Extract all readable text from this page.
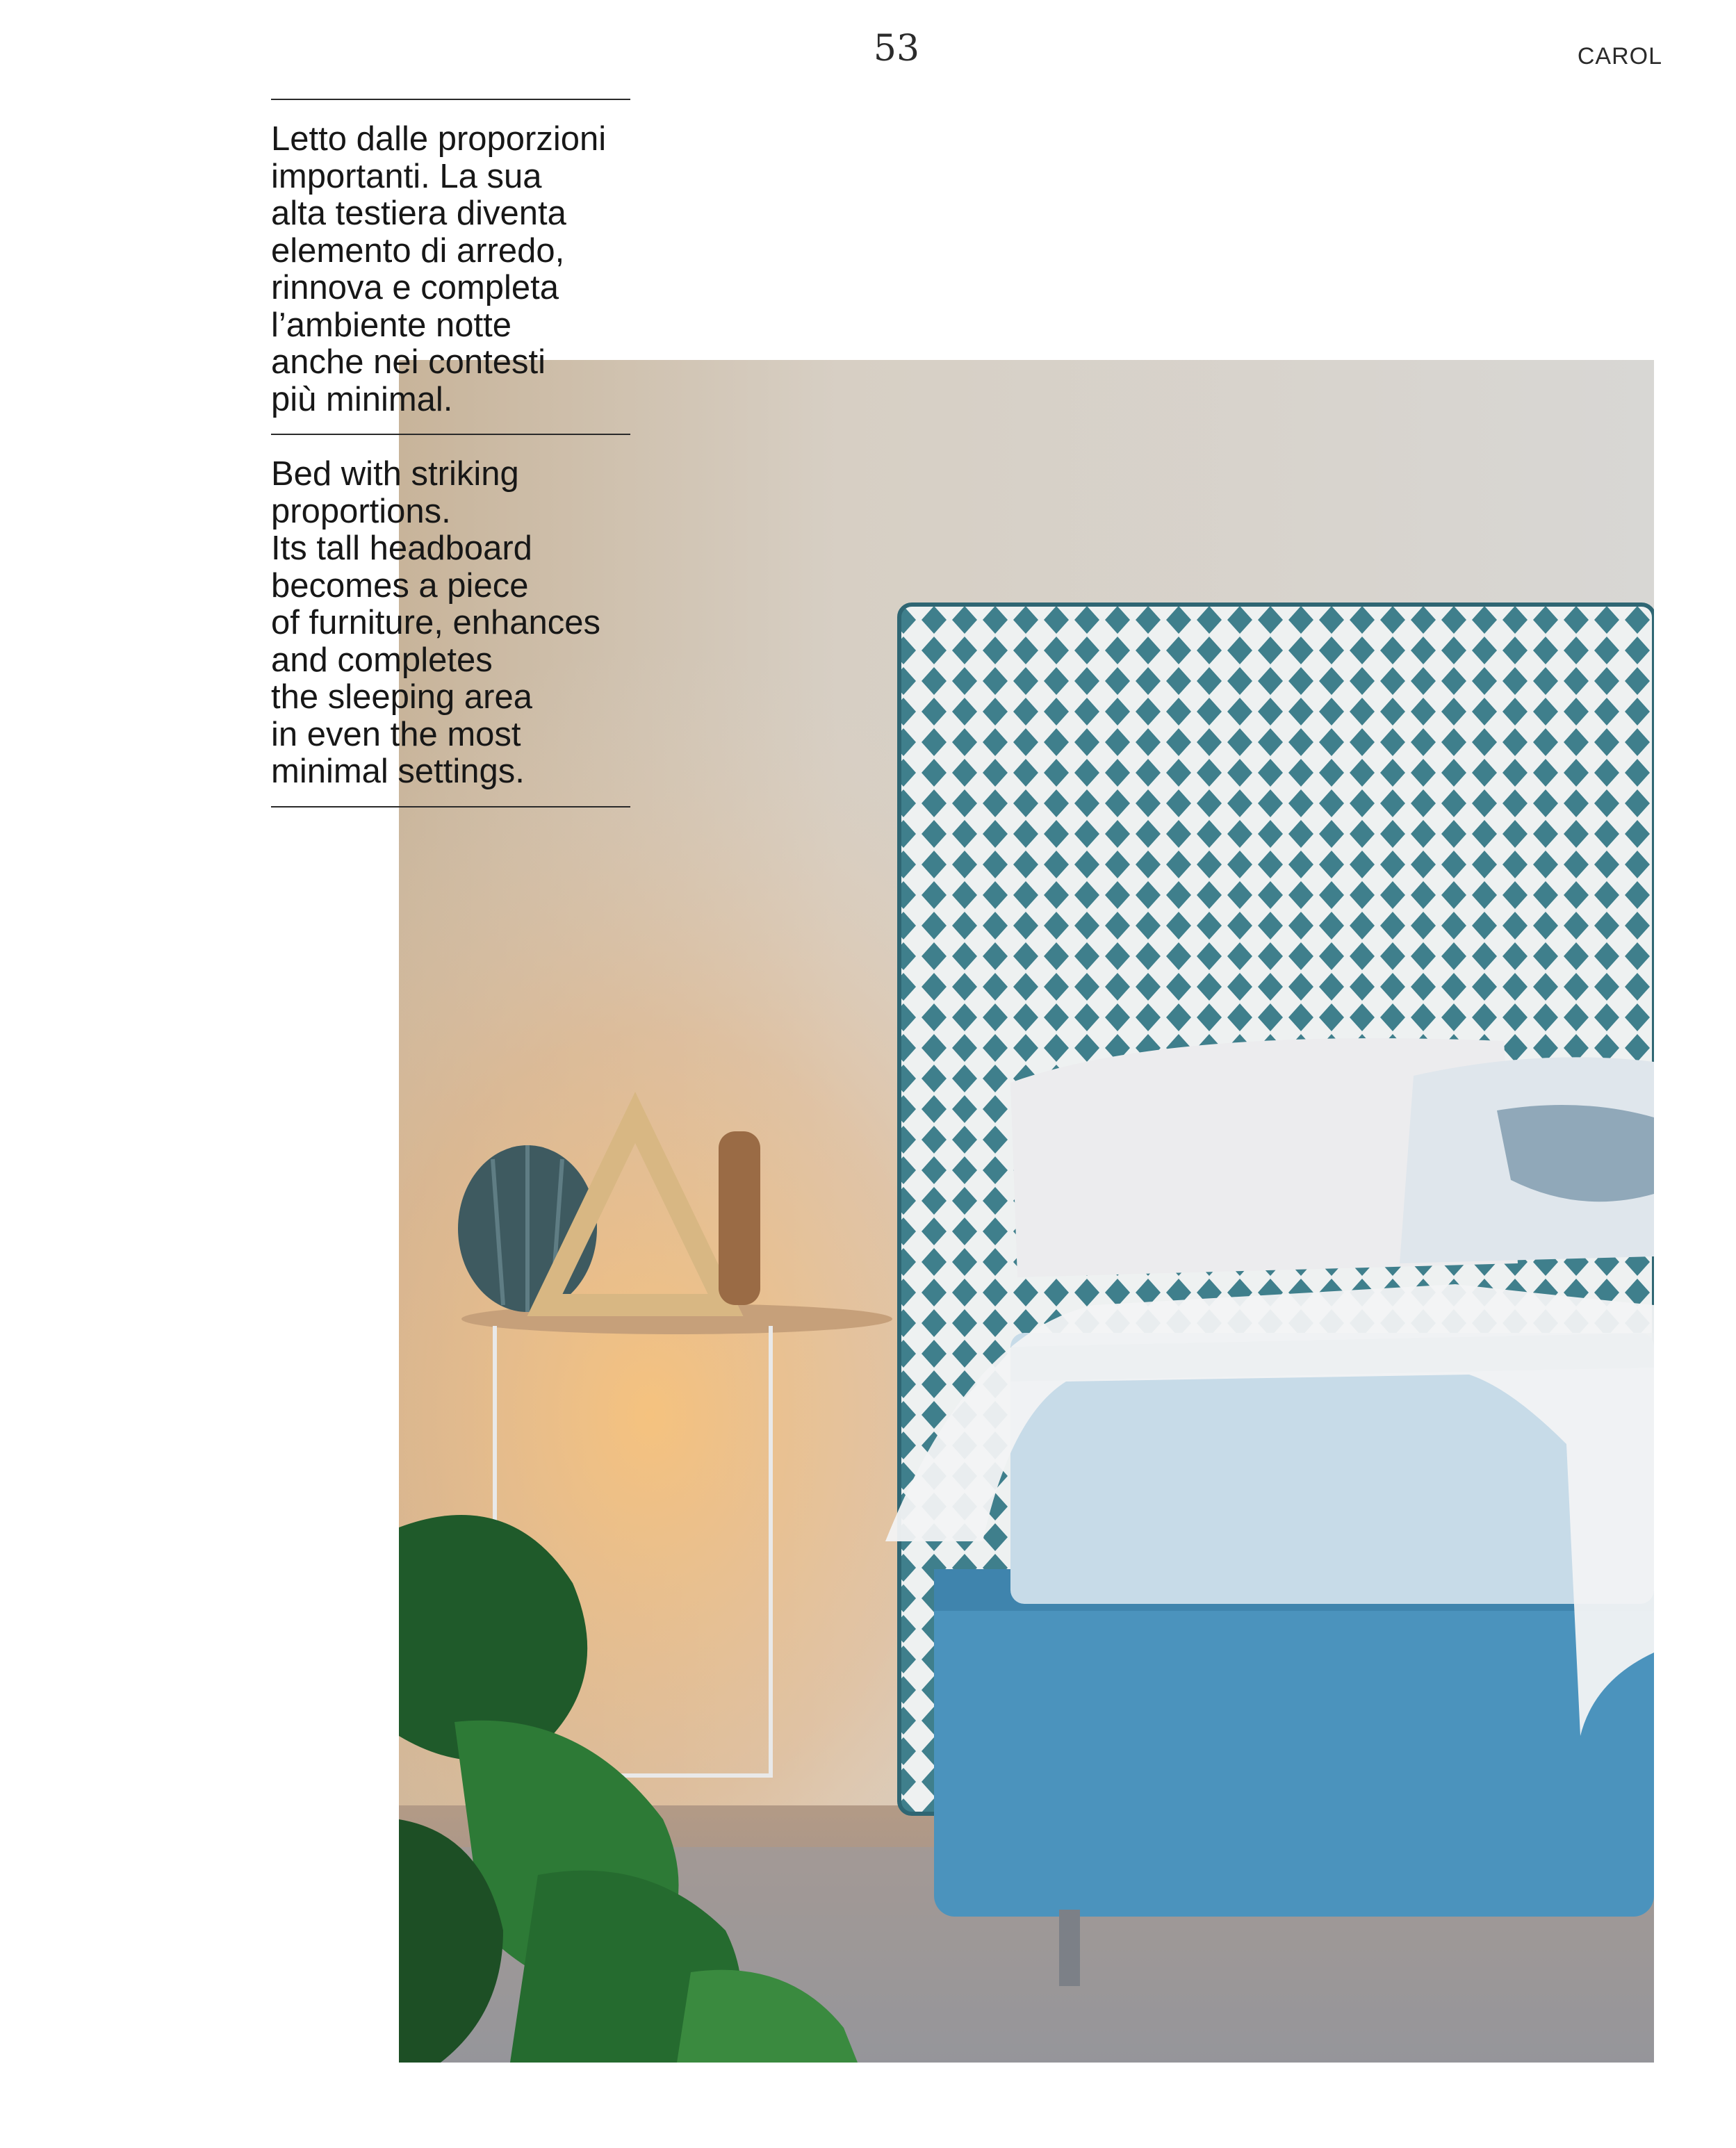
53	CAROL
Letto dalle proporzioni
importanti. La sua
alta testiera diventa
elemento di arredo,
rinnova e completa
l’ambiente notte
anche nei contesti
più minimal.
Bed with striking
proportions.
Its tall headboard
becomes a piece
of furniture, enhances
and completes
the sleeping area
in even the most
minimal settings.
